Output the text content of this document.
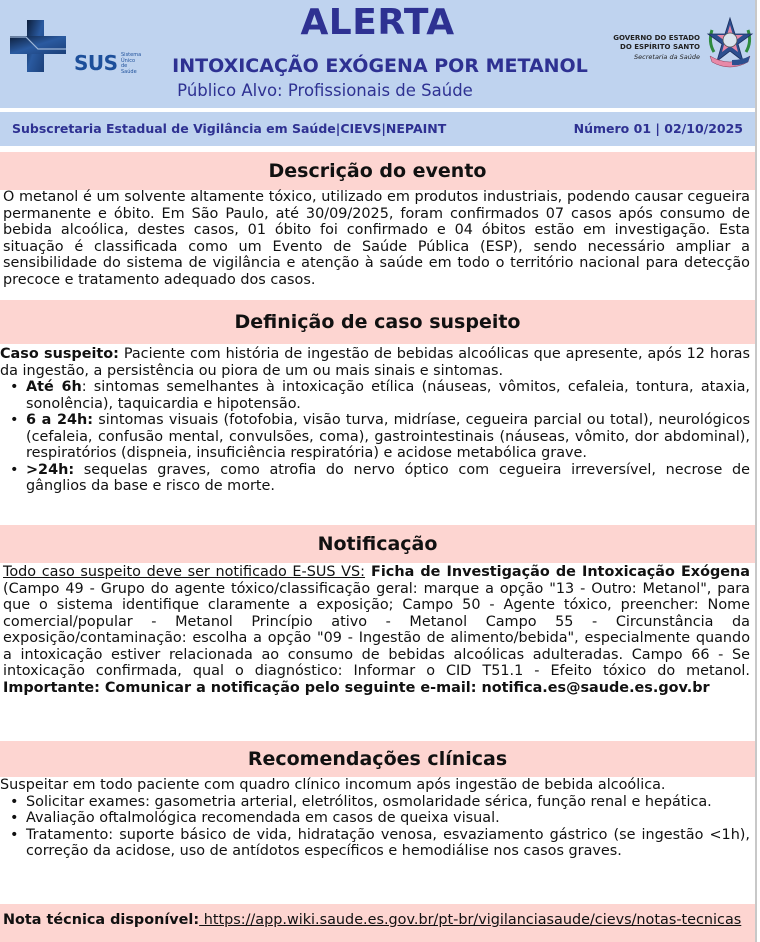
SUS Sistema
Único
de Saúde
ALERTA
INTOXICAÇÃO EXÓGENA POR METANOL
Público Alvo: Profissionais de Saúde
GOVERNO DO ESTADO
DO ESPÍRITO SANTO
Secretaria da Saúde
Subscretaria Estadual de Vigilância em Saúde|CIEVS|NEPAINT	Número 01 | 02/10/2025
Descrição do evento
O metanol é um solvente altamente tóxico, utilizado em produtos industriais, podendo causar cegueira permanente e óbito. Em São Paulo, até 30/09/2025, foram confirmados 07 casos após consumo de bebida alcoólica, destes casos, 01 óbito foi confirmado e 04 óbitos estão em investigação. Esta situação é classificada como um Evento de Saúde Pública (ESP), sendo necessário ampliar a sensibilidade do sistema de vigilância e atenção à saúde em todo o território nacional para detecção precoce e tratamento adequado dos casos.
Definição de caso suspeito
Caso suspeito: Paciente com história de ingestão de bebidas alcoólicas que apresente, após 12 horas da ingestão, a persistência ou piora de um ou mais sinais e sintomas.
• Até 6h: sintomas semelhantes à intoxicação etílica (náuseas, vômitos, cefaleia, tontura, ataxia, sonolência), taquicardia e hipotensão.
• 6 a 24h: sintomas visuais (fotofobia, visão turva, midríase, cegueira parcial ou total), neurológicos (cefaleia, confusão mental, convulsões, coma), gastrointestinais (náuseas, vômito, dor abdominal), respiratórios (dispneia, insuficiência respiratória) e acidose metabólica grave.
• >24h: sequelas graves, como atrofia do nervo óptico com cegueira irreversível, necrose de gânglios da base e risco de morte.
Notificação
Todo caso suspeito deve ser notificado E-SUS VS: Ficha de Investigação de Intoxicação Exógena (Campo 49 - Grupo do agente tóxico/classificação geral: marque a opção "13 - Outro: Metanol", para que o sistema identifique claramente a exposição; Campo 50 - Agente tóxico, preencher: Nome comercial/popular - Metanol Princípio ativo - Metanol Campo 55 - Circunstância da exposição/contaminação: escolha a opção "09 - Ingestão de alimento/bebida", especialmente quando a intoxicação estiver relacionada ao consumo de bebidas alcoólicas adulteradas. Campo 66 - Se intoxicação confirmada, qual o diagnóstico: Informar o CID T51.1 - Efeito tóxico do metanol. Importante: Comunicar a notificação pelo seguinte e-mail: notifica.es@saude.es.gov.br
Recomendações clínicas
Suspeitar em todo paciente com quadro clínico incomum após ingestão de bebida alcoólica.
• Solicitar exames: gasometria arterial, eletrólitos, osmolaridade sérica, função renal e hepática.
• Avaliação oftalmológica recomendada em casos de queixa visual.
• Tratamento: suporte básico de vida, hidratação venosa, esvaziamento gástrico (se ingestão <1h), correção da acidose, uso de antídotos específicos e hemodiálise nos casos graves.
Nota técnica disponível: https://app.wiki.saude.es.gov.br/pt-br/vigilanciasaude/cievs/notas-tecnicas
